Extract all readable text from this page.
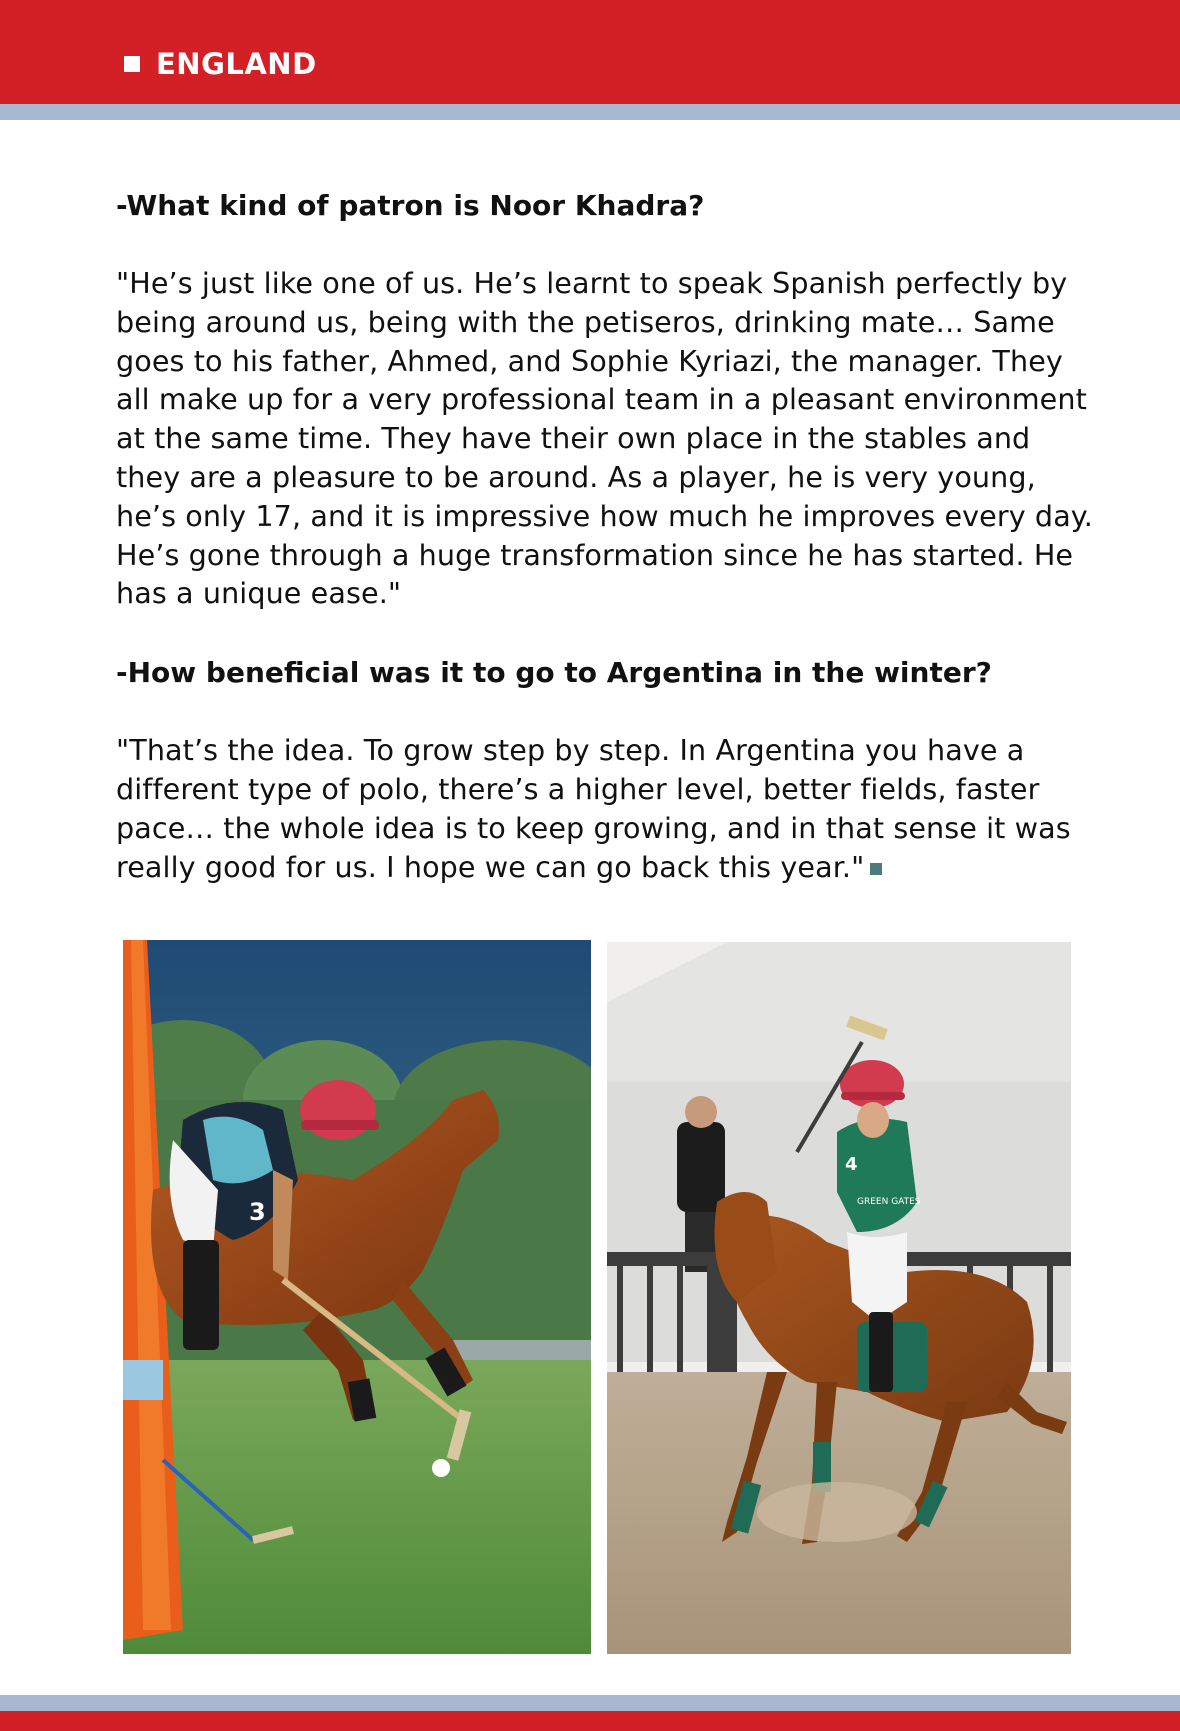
ENGLAND

-What kind of patron is Noor Khadra?

"He’s just like one of us. He’s learnt to speak Spanish perfectly by being around us, being with the petiseros, drinking mate… Same goes to his father, Ahmed, and Sophie Kyriazi, the manager. They all make up for a very professional team in a pleasant environment at the same time. They have their own place in the stables and they are a pleasure to be around. As a player, he is very young, he’s only 17, and it is impressive how much he improves every day. He’s gone through a huge transformation since he has started. He has a unique ease."

-How beneficial was it to go to Argentina in the winter?

"That’s the idea. To grow step by step. In Argentina you have a different type of polo, there’s a higher level, better fields, faster pace… the whole idea is to keep growing, and in that sense it was really good for us. I hope we can go back this year."

3
4
GREEN GATES
